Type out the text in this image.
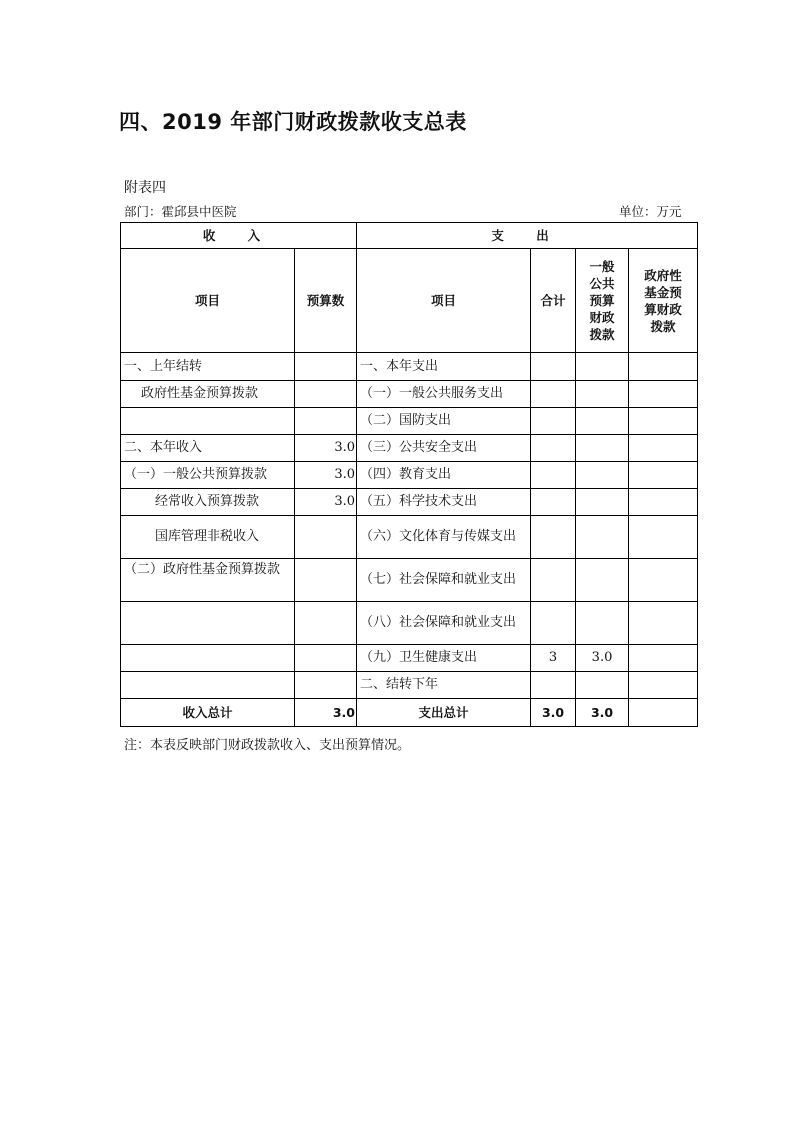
四、2019 年部门财政拨款收支总表
附表四
部门：霍邱县中医院	单位：万元
收 入		支 出			
项目	预算数	项目	合计	一般公共预算财政拨款	政府性基金预算财政拨款

一、上年结转		一、本年支出			
政府性基金预算拨款		（一）一般公共服务支出			
		（二）国防支出			
二、本年收入	3.0	（三）公共安全支出			
（一）一般公共预算拨款	3.0	（四）教育支出			
经常收入预算拨款	3.0	（五）科学技术支出			
国库管理非税收入		（六）文化体育与传媒支出			
（二）政府性基金预算拨款		（七）社会保障和就业支出			
		（八）社会保障和就业支出			
		（九）卫生健康支出	3	3.0	
		二、结转下年			
收入总计	3.0	支出总计	3.0	3.0	
注：本表反映部门财政拨款收入、支出预算情况。
